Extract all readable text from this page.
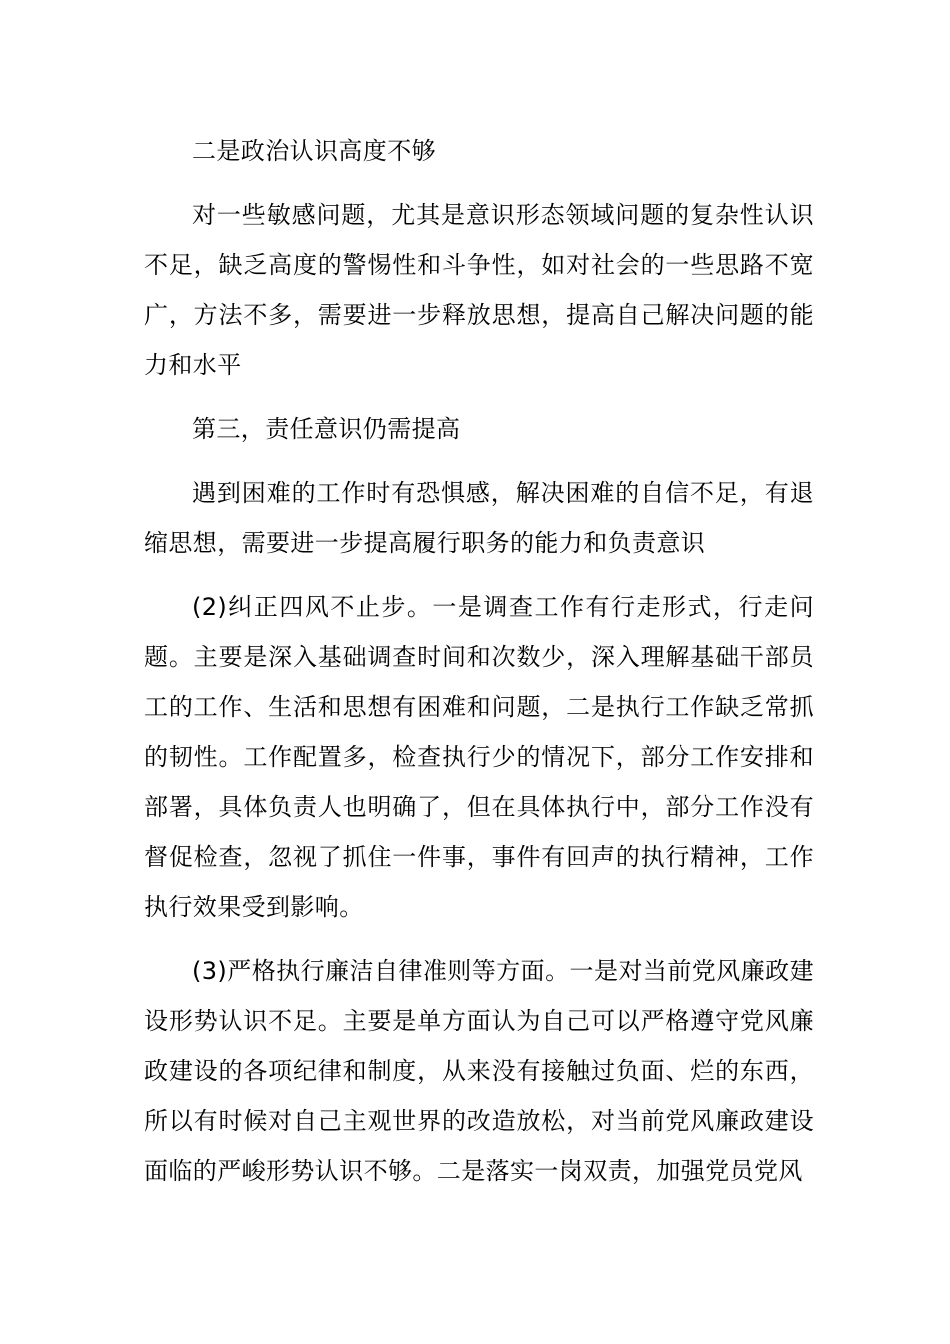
二是政治认识高度不够

对一些敏感问题，尤其是意识形态领域问题的复杂性认识不足，缺乏高度的警惕性和斗争性，如对社会的一些思路不宽广，方法不多，需要进一步释放思想，提高自己解决问题的能力和水平

第三，责任意识仍需提高

遇到困难的工作时有恐惧感，解决困难的自信不足，有退缩思想，需要进一步提高履行职务的能力和负责意识

(2)纠正四风不止步。一是调查工作有行走形式，行走问题。主要是深入基础调查时间和次数少，深入理解基础干部员工的工作、生活和思想有困难和问题，二是执行工作缺乏常抓的韧性。工作配置多，检查执行少的情况下，部分工作安排和部署，具体负责人也明确了，但在具体执行中，部分工作没有督促检查，忽视了抓住一件事，事件有回声的执行精神，工作执行效果受到影响。

(3)严格执行廉洁自律准则等方面。一是对当前党风廉政建设形势认识不足。主要是单方面认为自己可以严格遵守党风廉政建设的各项纪律和制度，从来没有接触过负面、烂的东西，所以有时候对自己主观世界的改造放松，对当前党风廉政建设面临的严峻形势认识不够。二是落实一岗双责，加强党员党风
